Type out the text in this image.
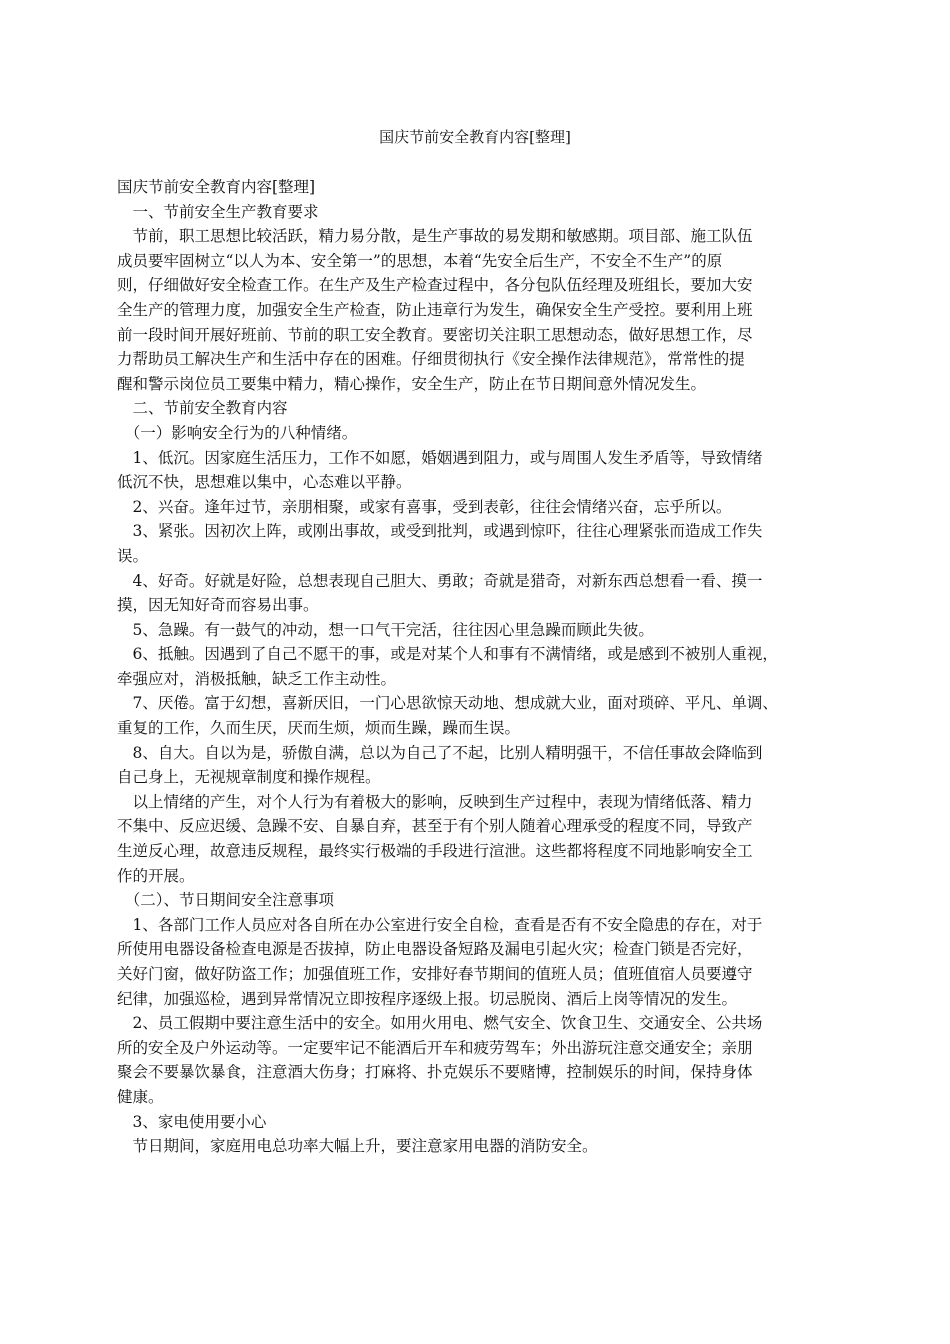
国庆节前安全教育内容[整理]
国庆节前安全教育内容[整理]
　一、节前安全生产教育要求
　节前，职工思想比较活跃，精力易分散，是生产事故的易发期和敏感期。项目部、施工队伍
成员要牢固树立“以人为本、安全第一”的思想，本着“先安全后生产，不安全不生产”的原
则，仔细做好安全检查工作。在生产及生产检查过程中，各分包队伍经理及班组长，要加大安
全生产的管理力度，加强安全生产检查，防止违章行为发生，确保安全生产受控。要利用上班
前一段时间开展好班前、节前的职工安全教育。要密切关注职工思想动态，做好思想工作，尽
力帮助员工解决生产和生活中存在的困难。仔细贯彻执行《安全操作法律规范》，常常性的提
醒和警示岗位员工要集中精力，精心操作，安全生产，防止在节日期间意外情况发生。
　二、节前安全教育内容
　（一）影响安全行为的八种情绪。
　1、低沉。因家庭生活压力，工作不如愿，婚姻遇到阻力，或与周围人发生矛盾等，导致情绪
低沉不快，思想难以集中，心态难以平静。
　2、兴奋。逢年过节，亲朋相聚，或家有喜事，受到表彰，往往会情绪兴奋，忘乎所以。
　3、紧张。因初次上阵，或刚出事故，或受到批判，或遇到惊吓，往往心理紧张而造成工作失
误。
　4、好奇。好就是好险，总想表现自己胆大、勇敢；奇就是猎奇，对新东西总想看一看、摸一
摸，因无知好奇而容易出事。
　5、急躁。有一鼓气的冲动，想一口气干完活，往往因心里急躁而顾此失彼。
　6、抵触。因遇到了自己不愿干的事，或是对某个人和事有不满情绪，或是感到不被别人重视，
牵强应对，消极抵触，缺乏工作主动性。
　7、厌倦。富于幻想，喜新厌旧，一门心思欲惊天动地、想成就大业，面对琐碎、平凡、单调、
重复的工作，久而生厌，厌而生烦，烦而生躁，躁而生误。
　8、自大。自以为是，骄傲自满，总以为自己了不起，比别人精明强干，不信任事故会降临到
自己身上，无视规章制度和操作规程。
　以上情绪的产生，对个人行为有着极大的影响，反映到生产过程中，表现为情绪低落、精力
不集中、反应迟缓、急躁不安、自暴自弃，甚至于有个别人随着心理承受的程度不同，导致产
生逆反心理，故意违反规程，最终实行极端的手段进行渲泄。这些都将程度不同地影响安全工
作的开展。
　（二）、节日期间安全注意事项
　1、各部门工作人员应对各自所在办公室进行安全自检，查看是否有不安全隐患的存在，对于
所使用电器设备检查电源是否拔掉，防止电器设备短路及漏电引起火灾；检查门锁是否完好，
关好门窗，做好防盗工作；加强值班工作，安排好春节期间的值班人员；值班值宿人员要遵守
纪律，加强巡检，遇到异常情况立即按程序逐级上报。切忌脱岗、酒后上岗等情况的发生。
　2、员工假期中要注意生活中的安全。如用火用电、燃气安全、饮食卫生、交通安全、公共场
所的安全及户外运动等。一定要牢记不能酒后开车和疲劳驾车；外出游玩注意交通安全；亲朋
聚会不要暴饮暴食，注意酒大伤身；打麻将、扑克娱乐不要赌博，控制娱乐的时间，保持身体
健康。
　3、家电使用要小心
　节日期间，家庭用电总功率大幅上升，要注意家用电器的消防安全。
